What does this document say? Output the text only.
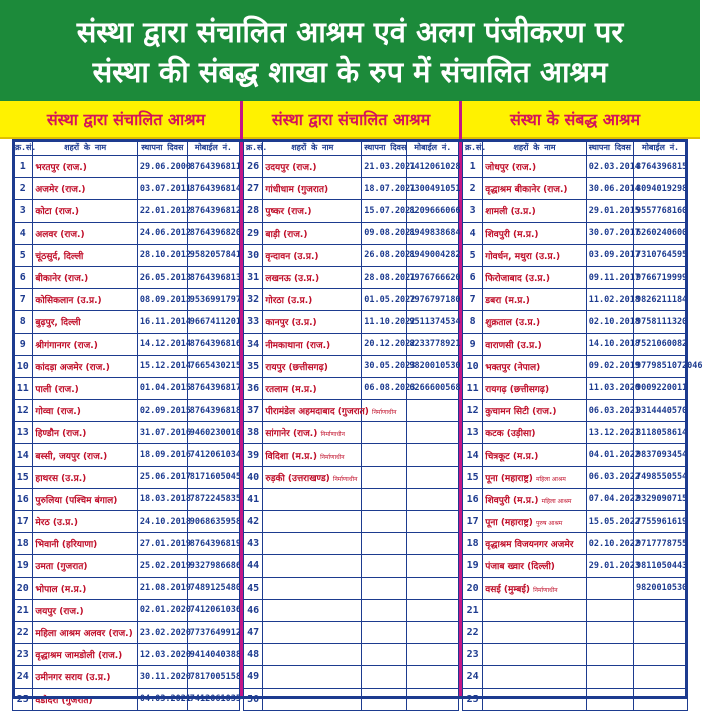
संस्था द्वारा संचालित आश्रम एवं अलग पंजीकरण पर
संस्था की संबद्ध शाखा के रुप में संचालित आश्रम
संस्था द्वारा संचालित आश्रम
क्र.सं.	शहरों के नाम	स्थापना दिवस	मोबाईल नं.
1	भरतपुर (राज.)	29.06.2000	8764396811
2	अजमेर (राज.)	03.07.2011	8764396814
3	कोटा (राज.)	22.01.2012	8764396812
4	अलवर (राज.)	24.06.2012	8764396820
5	चूंठसुर्द, दिल्ली	28.10.2012	9582057841
6	बीकानेर (राज.)	26.05.2013	8764396813
7	कोसिकलान (उ.प्र.)	08.09.2013	9536991797
8	बुढ़पुर, दिल्ली	16.11.2014	9667411201
9	श्रीगंगानगर (राज.)	14.12.2014	8764396816
10	कांदड़ा अजमेर (राज.)	15.12.2014	7665430215
11	पाली (राज.)	01.04.2015	8764396817
12	गोव्वा (राज.)	02.09.2015	8764396818
13	हिण्डौन (राज.)	31.07.2016	9460230010
14	बस्सी, जयपुर (राज.)	18.09.2016	7412061034
15	हाथरस (उ.प्र.)	25.06.2017	8171605045
16	पुरुलिया (पश्चिम बंगाल)	18.03.2018	7872245835
17	मेरठ (उ.प्र.)	24.10.2018	9068635958
18	भिवानी (हरियाणा)	27.01.2019	8764396819
19	उमता (गुजरात)	25.02.2019	9327986686
20	भोपाल (म.प्र.)	21.08.2019	7489125480
21	जयपुर (राज.)	02.01.2020	7412061036
22	महिला आश्रम अलवर (राज.)	23.02.2020	7737649912
23	वृद्धाश्रम जामडोली (राज.)	12.03.2020	9414040388
24	उमीनगर सराय (उ.प्र.)	30.11.2020	7817005158
25	वडोदरा (गुजरात)	04.03.2021	7412061035
संस्था द्वारा संचालित आश्रम
क्र.सं.	शहरों के नाम	स्थापना दिवस	मोबाईल नं.
26	उदयपुर (राज.)	21.03.2021	7412061028
27	गांधीधाम (गुजरात)	18.07.2021	7300491051
28	पुष्कर (राज.)	15.07.2021	8209666066
29	बाड़ी (राज.)	09.08.2021	8949838684
30	वृन्दावन (उ.प्र.)	26.08.2021	8949004282
31	लखनऊ (उ.प्र.)	28.08.2021	7976766620
32	गोरठा (उ.प्र.)	01.05.2022	7976797180
33	कानपुर (उ.प्र.)	11.10.2022	9511374534
34	नीमकाथाना (राज.)	20.12.2022	8233778921
35	रायपुर (छत्तीसगढ़)	30.05.2023	9820010530
36	रतलाम (म.प्र.)	06.08.2023	6266600568
37	पीरामंडेल अहमदाबाद (गुजरात) निर्माणाधीन		
38	सांगानेर (राज.) निर्माणाधीन		
39	विदिशा (म.प्र.) निर्माणाधीन		
40	रुड़की (उत्तराखण्ड) निर्माणाधीन		
41			
42			
43			
44			
45			
46			
47			
48			
49			
50			
संस्था के संबद्ध आश्रम
क्र.सं.	शहरों के नाम	स्थापना दिवस	मोबाईल नं.
1	जोधपुर (राज.)	02.03.2014	8764396815
2	वृद्धाश्रम बीकानेर (राज.)	30.06.2014	8094019298
3	शामली (उ.प्र.)	29.01.2015	9557768160
4	शिवपुरी (म.प्र.)	30.07.2017	6260240600
5	गोवर्धन, मथुरा (उ.प्र.)	03.09.2017	7310764595
6	फिरोजाबाद (उ.प्र.)	09.11.2017	9766719999
7	डबरा (म.प्र.)	11.02.2018	9826211184
8	शुक्रताल (उ.प्र.)	02.10.2018	9758111320
9	वाराणसी (उ.प्र.)	14.10.2018	7521060082
10	भक्तपुर (नेपाल)	09.02.2019	9779851072046
11	रायगढ़ (छत्तीसगढ़)	11.03.2020	9009220011
12	कुचामन सिटी (राज.)	06.03.2021	9314440570
13	कटक (उड़ीसा)	13.12.2021	8118058614
14	चित्रकूट (म.प्र.)	04.01.2022	9837093454
15	पूना (महाराष्ट्र) महिला आश्रम	06.03.2022	7498550554
16	शिवपुरी (म.प्र.) महिला आश्रम	07.04.2022	9329090715
17	पूना (महाराष्ट्र) पुरुष आश्रम	15.05.2022	7755961619
18	वृद्धाश्रम विजयनगर अजमेर	02.10.2022	9717778755
19	पंजाब ख्वार (दिल्ली)	29.01.2023	9811050443
20	वसई (मुम्बई) निर्माणाधीन		9820010530
21			
22			
23			
24			
25			
